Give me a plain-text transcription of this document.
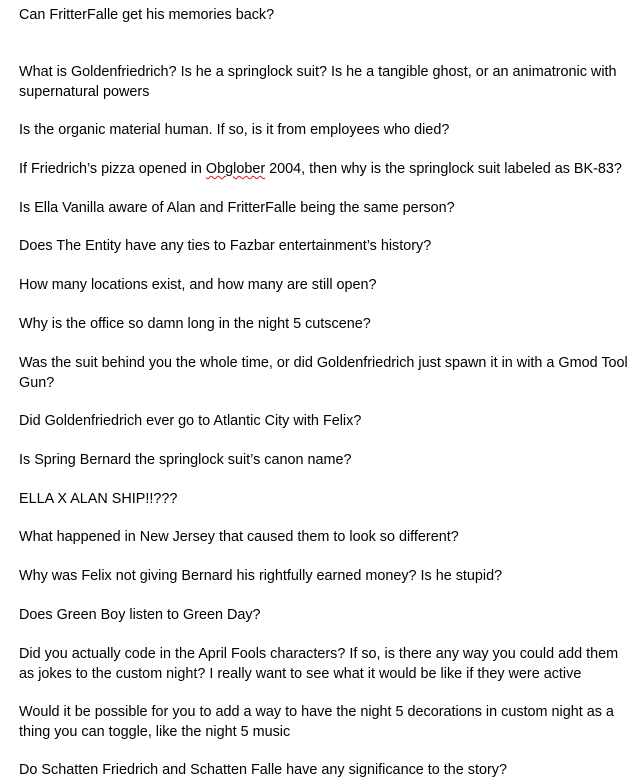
Can FritterFalle get his memories back?

What is Goldenfriedrich? Is he a springlock suit? Is he a tangible ghost, or an animatronic with supernatural powers

Is the organic material human. If so, is it from employees who died?

If Friedrich’s pizza opened in Obglober 2004, then why is the springlock suit labeled as BK-83?

Is Ella Vanilla aware of Alan and FritterFalle being the same person?

Does The Entity have any ties to Fazbar entertainment’s history?

How many locations exist, and how many are still open?

Why is the office so damn long in the night 5 cutscene?

Was the suit behind you the whole time, or did Goldenfriedrich just spawn it in with a Gmod Tool Gun?

Did Goldenfriedrich ever go to Atlantic City with Felix?

Is Spring Bernard the springlock suit’s canon name?

ELLA X ALAN SHIP!!???

What happened in New Jersey that caused them to look so different?

Why was Felix not giving Bernard his rightfully earned money? Is he stupid?

Does Green Boy listen to Green Day?

Did you actually code in the April Fools characters? If so, is there any way you could add them as jokes to the custom night? I really want to see what it would be like if they were active

Would it be possible for you to add a way to have the night 5 decorations in custom night as a thing you can toggle, like the night 5 music

Do Schatten Friedrich and Schatten Falle have any significance to the story?
